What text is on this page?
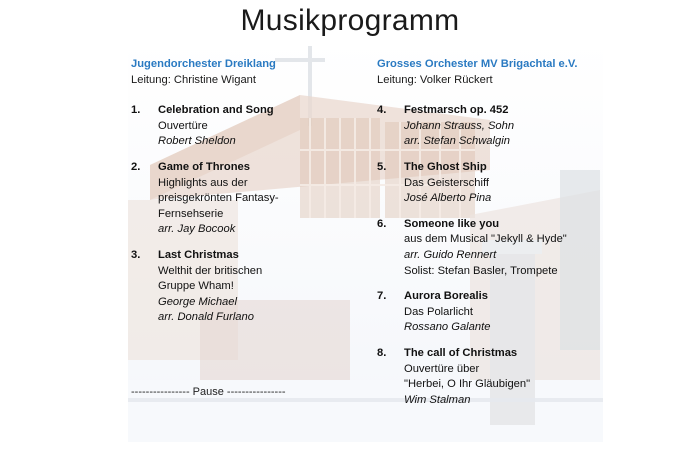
Musikprogramm
Jugendorchester Dreiklang
Leitung: Christine Wigant
1.	Celebration and Song
Ouvertüre
Robert Sheldon
2.	Game of Thrones
Highlights aus der
preisgekrönten Fantasy-
Fernsehserie
arr. Jay Bocook
3.	Last Christmas
Welthit der britischen
Gruppe Wham!
George Michael
arr. Donald Furlano
Grosses Orchester MV Brigachtal e.V.
Leitung: Volker Rückert
4.	Festmarsch op. 452
Johann Strauss, Sohn
arr. Stefan Schwalgin
5.	The Ghost Ship
Das Geisterschiff
José Alberto Pina
6.	Someone like you
aus dem Musical "Jekyll & Hyde"
arr. Guido Rennert
Solist: Stefan Basler, Trompete
7.	Aurora Borealis
Das Polarlicht
Rossano Galante
8.	The call of Christmas
Ouvertüre über
"Herbei, O Ihr Gläubigen"
Wim Stalman
---------------- Pause ----------------
